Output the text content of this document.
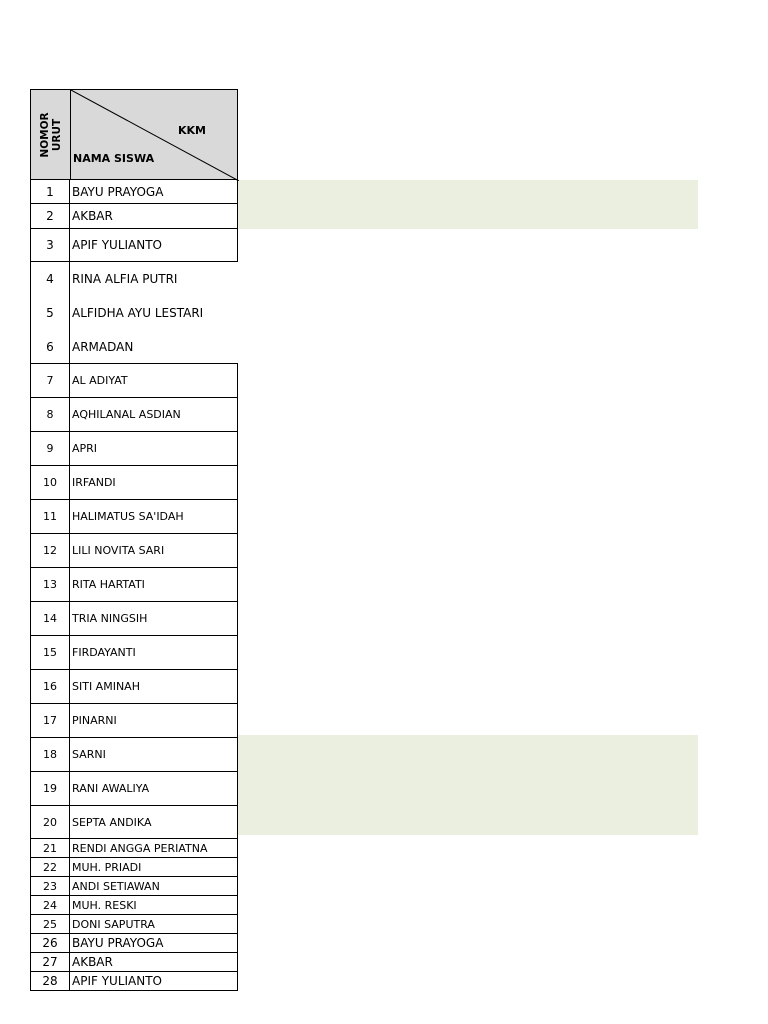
NOMOR URUT	KKM
NAMA SISWA
1	BAYU PRAYOGA
2	AKBAR
3	APIF YULIANTO
4	RINA ALFIA PUTRI
5	ALFIDHA AYU LESTARI
6	ARMADAN
7	AL ADIYAT
8	AQHILANAL ASDIAN
9	APRI
10	IRFANDI
11	HALIMATUS SA'IDAH
12	LILI NOVITA SARI
13	RITA HARTATI
14	TRIA NINGSIH
15	FIRDAYANTI
16	SITI AMINAH
17	PINARNI
18	SARNI
19	RANI AWALIYA
20	SEPTA ANDIKA
21	RENDI ANGGA PERIATNA
22	MUH. PRIADI
23	ANDI SETIAWAN
24	MUH. RESKI
25	DONI SAPUTRA
26	BAYU PRAYOGA
27	AKBAR
28	APIF YULIANTO
